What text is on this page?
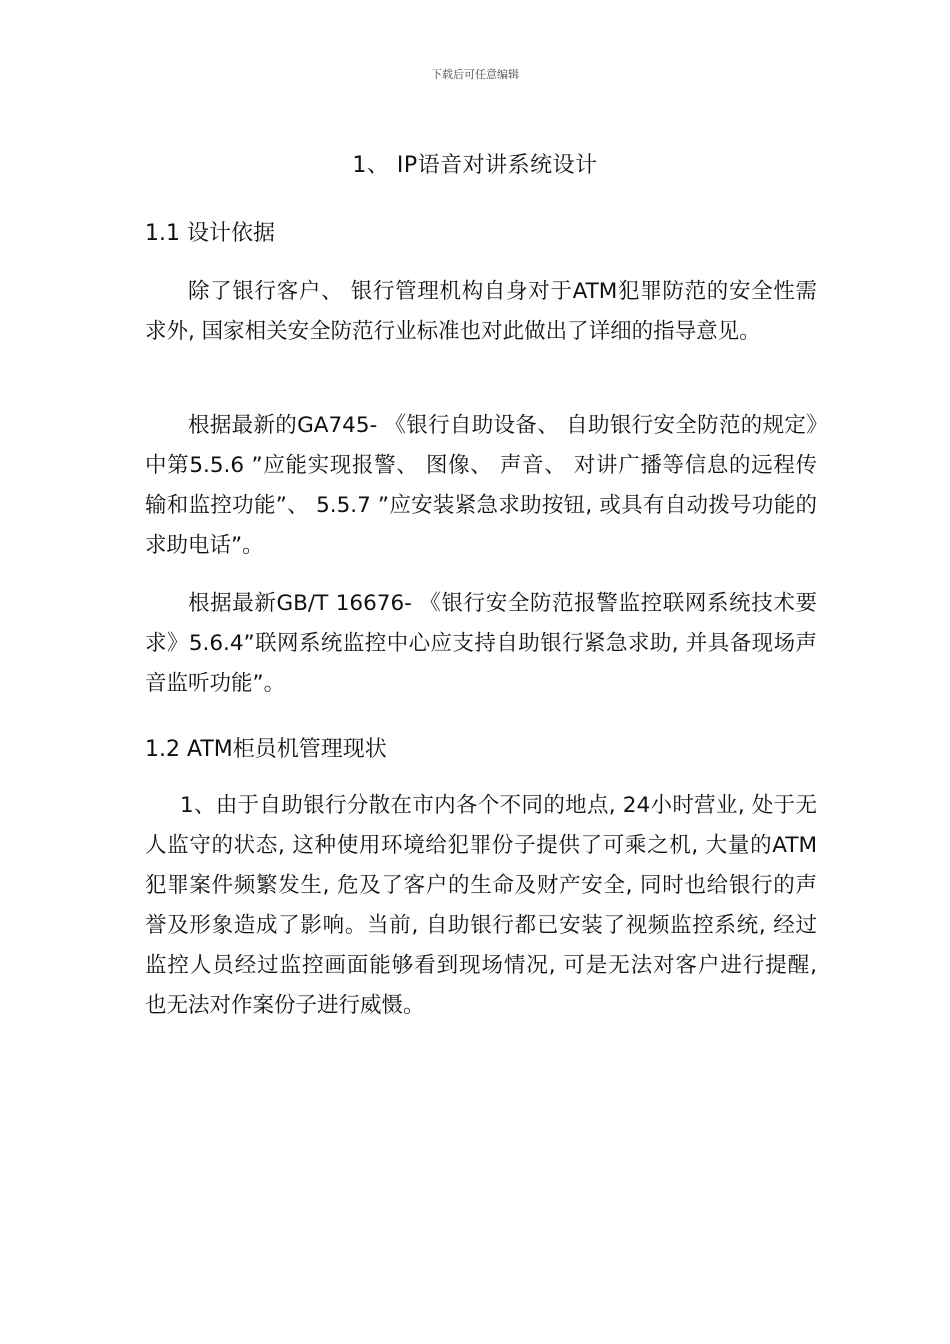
下载后可任意编辑
1、 IP语音对讲系统设计
1.1 设计依据
除了银行客户、 银行管理机构自身对于ATM犯罪防范的安全性需求外, 国家相关安全防范行业标准也对此做出了详细的指导意见。
根据最新的GA745- 《银行自助设备、 自助银行安全防范的规定》中第5.5.6 ”应能实现报警、 图像、 声音、 对讲广播等信息的远程传输和监控功能”、 5.5.7 ”应安装紧急求助按钮, 或具有自动拨号功能的求助电话”。
根据最新GB/T 16676- 《银行安全防范报警监控联网系统技术要求》5.6.4”联网系统监控中心应支持自助银行紧急求助, 并具备现场声音监听功能”。
1.2 ATM柜员机管理现状
1、由于自助银行分散在市内各个不同的地点, 24小时营业, 处于无人监守的状态, 这种使用环境给犯罪份子提供了可乘之机, 大量的ATM犯罪案件频繁发生, 危及了客户的生命及财产安全, 同时也给银行的声誉及形象造成了影响。当前, 自助银行都已安装了视频监控系统, 经过监控人员经过监控画面能够看到现场情况, 可是无法对客户进行提醒, 也无法对作案份子进行威慑。
